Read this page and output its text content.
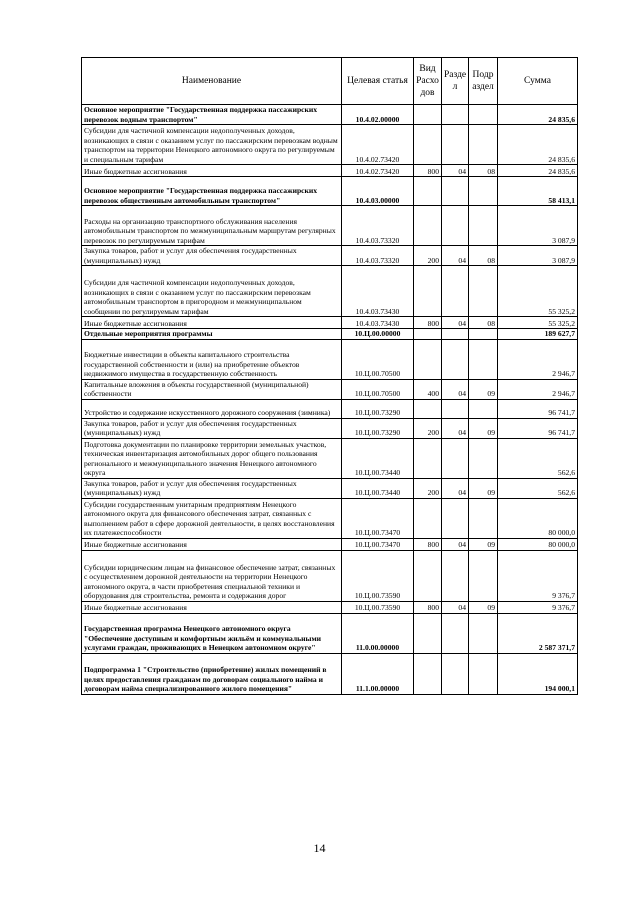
Наименование	Целевая статья	Вид Расхо дов	Разде л	Подр аздел	Сумма
Основное мероприятие "Государственная поддержка пассажирских перевозок водным транспортом"	10.4.02.00000				24 835,6
Субсидии для частичной компенсации недополученных доходов, возникающих в связи с оказанием услуг по пассажирским перевозкам водным транспортом на территории Ненецкого автономного округа по регулируемым и специальным тарифам	10.4.02.73420				24 835,6
Иные бюджетные ассигнования	10.4.02.73420	800	04	08	24 835,6
Основное мероприятие "Государственная поддержка пассажирских перевозок общественным автомобильным транспортом"	10.4.03.00000				58 413,1
Расходы на организацию транспортного обслуживания населения автомобильным транспортом по межмуниципальным маршрутам регулярных перевозок по регулируемым тарифам	10.4.03.73320				3 087,9
Закупка товаров, работ и услуг для обеспечения государственных (муниципальных) нужд	10.4.03.73320	200	04	08	3 087,9
Субсидии для частичной компенсации недополученных доходов, возникающих в связи с оказанием услуг по пассажирским перевозкам автомобильным транспортом в пригородном и межмуниципальном сообщении по регулируемым тарифам	10.4.03.73430				55 325,2
Иные бюджетные ассигнования	10.4.03.73430	800	04	08	55 325,2
Отдельные мероприятия программы	10.Ц.00.00000				189 627,7
Бюджетные инвестиции в объекты капитального строительства государственной собственности и (или) на приобретение объектов недвижимого имущества в государственную собственность	10.Ц.00.70500				2 946,7
Капитальные вложения в объекты государственной (муниципальной) собственности	10.Ц.00.70500	400	04	09	2 946,7
Устройство и содержание искусственного дорожного сооружения (зимника)	10.Ц.00.73290				96 741,7
Закупка товаров, работ и услуг для обеспечения государственных (муниципальных) нужд	10.Ц.00.73290	200	04	09	96 741,7
Подготовка документации по планировке территории земельных участков, техническая инвентаризация автомобильных дорог общего пользования регионального и межмуниципального значения Ненецкого автономного округа	10.Ц.00.73440				562,6
Закупка товаров, работ и услуг для обеспечения государственных (муниципальных) нужд	10.Ц.00.73440	200	04	09	562,6
Субсидии государственным унитарным предприятиям Ненецкого автономного округа для финансового обеспечения затрат, связанных с выполнением работ в сфере дорожной деятельности, в целях восстановления их платежеспособности	10.Ц.00.73470				80 000,0
Иные бюджетные ассигнования	10.Ц.00.73470	800	04	09	80 000,0
Субсидии юридическим лицам на финансовое обеспечение затрат, связанных с осуществлением дорожной деятельности на территории Ненецкого автономного округа, в части приобретения специальной техники и оборудования для строительства, ремонта и содержания дорог	10.Ц.00.73590				9 376,7
Иные бюджетные ассигнования	10.Ц.00.73590	800	04	09	9 376,7
Государственная программа Ненецкого автономного округа "Обеспечение доступным и комфортным жильём и коммунальными услугами граждан, проживающих в Ненецком автономном округе"	11.0.00.00000				2 587 371,7
Подпрограмма 1 "Строительство (приобретение) жилых помещений в целях предоставления гражданам по договорам социального найма и договорам найма специализированного жилого помещения"	11.1.00.00000				194 000,1
14
